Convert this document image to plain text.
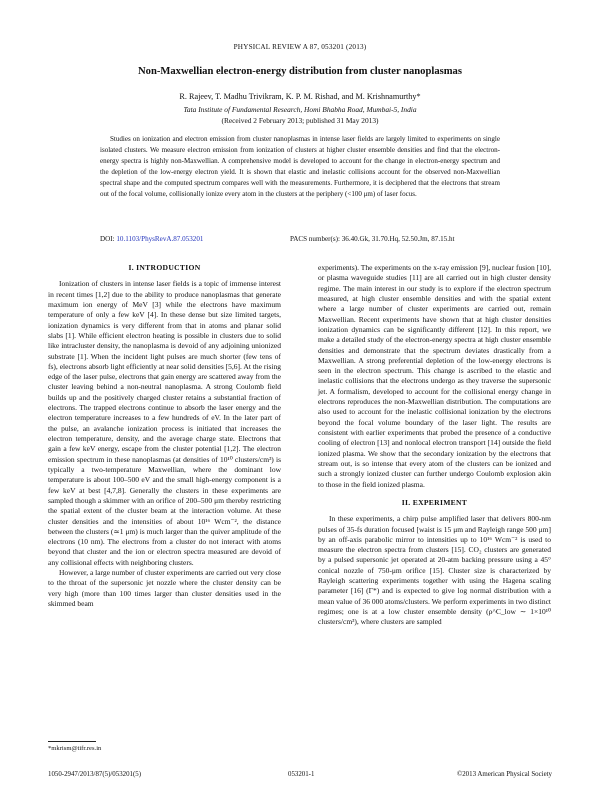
PHYSICAL REVIEW A 87, 053201 (2013)
Non-Maxwellian electron-energy distribution from cluster nanoplasmas
R. Rajeev, T. Madhu Trivikram, K. P. M. Rishad, and M. Krishnamurthy*
Tata Institute of Fundamental Research, Homi Bhabha Road, Mumbai-5, India
(Received 2 February 2013; published 31 May 2013)

Studies on ionization and electron emission from cluster nanoplasmas in intense laser fields are largely limited to experiments on single isolated clusters. We measure electron emission from ionization of clusters at higher cluster ensemble densities and find that the electron-energy spectra is highly non-Maxwellian. A comprehensive model is developed to account for the change in electron-energy spectrum and the depletion of the low-energy electron yield. It is shown that elastic and inelastic collisions account for the observed non-Maxwellian spectral shape and the computed spectrum compares well with the measurements. Furthermore, it is deciphered that the electrons that stream out of the focal volume, collisionally ionize every atom in the clusters at the periphery (<100 μm) of laser focus.

DOI: 10.1103/PhysRevA.87.053201	PACS number(s): 36.40.Gk, 31.70.Hq, 52.50.Jm, 87.15.ht
I. INTRODUCTION

Ionization of clusters in intense laser fields is a topic of immense interest in recent times [1,2] due to the ability to produce nanoplasmas that generate maximum ion energy of MeV [3] while the electrons have maximum temperature of only a few keV [4]. In these dense but size limited targets, ionization dynamics is very different from that in atoms and planar solid slabs [1]. While efficient electron heating is possible in clusters due to solid like intracluster density, the nanoplasma is devoid of any adjoining unionized substrate [1]. When the incident light pulses are much shorter (few tens of fs), electrons absorb light efficiently at near solid densities [5,6]. At the rising edge of the laser pulse, electrons that gain energy are scattered away from the cluster leaving behind a non-neutral nanoplasma. A strong Coulomb field builds up and the positively charged cluster retains a substantial fraction of electrons. The trapped electrons continue to absorb the laser energy and the electron temperature increases to a few hundreds of eV. In the later part of the pulse, an avalanche ionization process is initiated that increases the electron temperature, density, and the average charge state. Electrons that gain a few keV energy, escape from the cluster potential [1,2]. The electron emission spectrum in these nanoplasmas (at densities of 10¹⁰ clusters/cm³) is typically a two-temperature Maxwellian, where the dominant low temperature is about 100–500 eV and the small high-energy component is a few keV at best [4,7,8]. Generally the clusters in these experiments are sampled though a skimmer with an orifice of 200–500 μm thereby restricting the spatial extent of the cluster beam at the interaction volume. At these cluster densities and the intensities of about 10¹⁶ Wcm⁻², the distance between the clusters (≃1 μm) is much larger than the quiver amplitude of the electrons (10 nm). The electrons from a cluster do not interact with atoms beyond that cluster and the ion or electron spectra measured are devoid of any collisional effects with neighboring clusters.

However, a large number of cluster experiments are carried out very close to the throat of the supersonic jet nozzle where the cluster density can be very high (more than 100 times larger than cluster densities used in the skimmed beam

experiments). The experiments on the x-ray emission [9], nuclear fusion [10], or plasma waveguide studies [11] are all carried out in high cluster density regime. The main interest in our study is to explore if the electron spectrum measured, at high cluster ensemble densities and with the spatial extent where a large number of cluster experiments are carried out, remain Maxwellian. Recent experiments have shown that at high cluster densities ionization dynamics can be significantly different [12]. In this report, we make a detailed study of the electron-energy spectra at high cluster ensemble densities and demonstrate that the spectrum deviates drastically from a Maxwellian. A strong preferential depletion of the low-energy electrons is seen in the electron spectrum. This change is ascribed to the elastic and inelastic collisions that the electrons undergo as they traverse the supersonic jet. A formalism, developed to account for the collisional energy change in electrons reproduces the non-Maxwellian distribution. The computations are also used to account for the inelastic collisional ionization by the electrons beyond the focal volume boundary of the laser light. The results are consistent with earlier experiments that probed the presence of a conductive cooling of electron [13] and nonlocal electron transport [14] outside the field ionized plasma. We show that the secondary ionization by the electrons that stream out, is so intense that every atom of the clusters can be ionized and such a strongly ionized cluster can further undergo Coulomb explosion akin to those in the field ionized plasma.

II. EXPERIMENT

In these experiments, a chirp pulse amplified laser that delivers 800-nm pulses of 35-fs duration focused [waist is 15 μm and Rayleigh range 500 μm] by an off-axis parabolic mirror to intensities up to 10¹⁶ Wcm⁻² is used to measure the electron spectra from clusters [15]. CO₂ clusters are generated by a pulsed supersonic jet operated at 20-atm backing pressure using a 45° conical nozzle of 750-μm orifice [15]. Cluster size is characterized by Rayleigh scattering experiments together with using the Hagena scaling parameter [16] (Γ*) and is expected to give log normal distribution with a mean value of 36 000 atoms/clusters. We perform experiments in two distinct regimes; one is at a low cluster ensemble density (ρ^C_low ∼ 1×10¹⁰ clusters/cm³), where clusters are sampled

*mkrism@tifr.res.in
1050-2947/2013/87(5)/053201(5)	053201-1	©2013 American Physical Society
